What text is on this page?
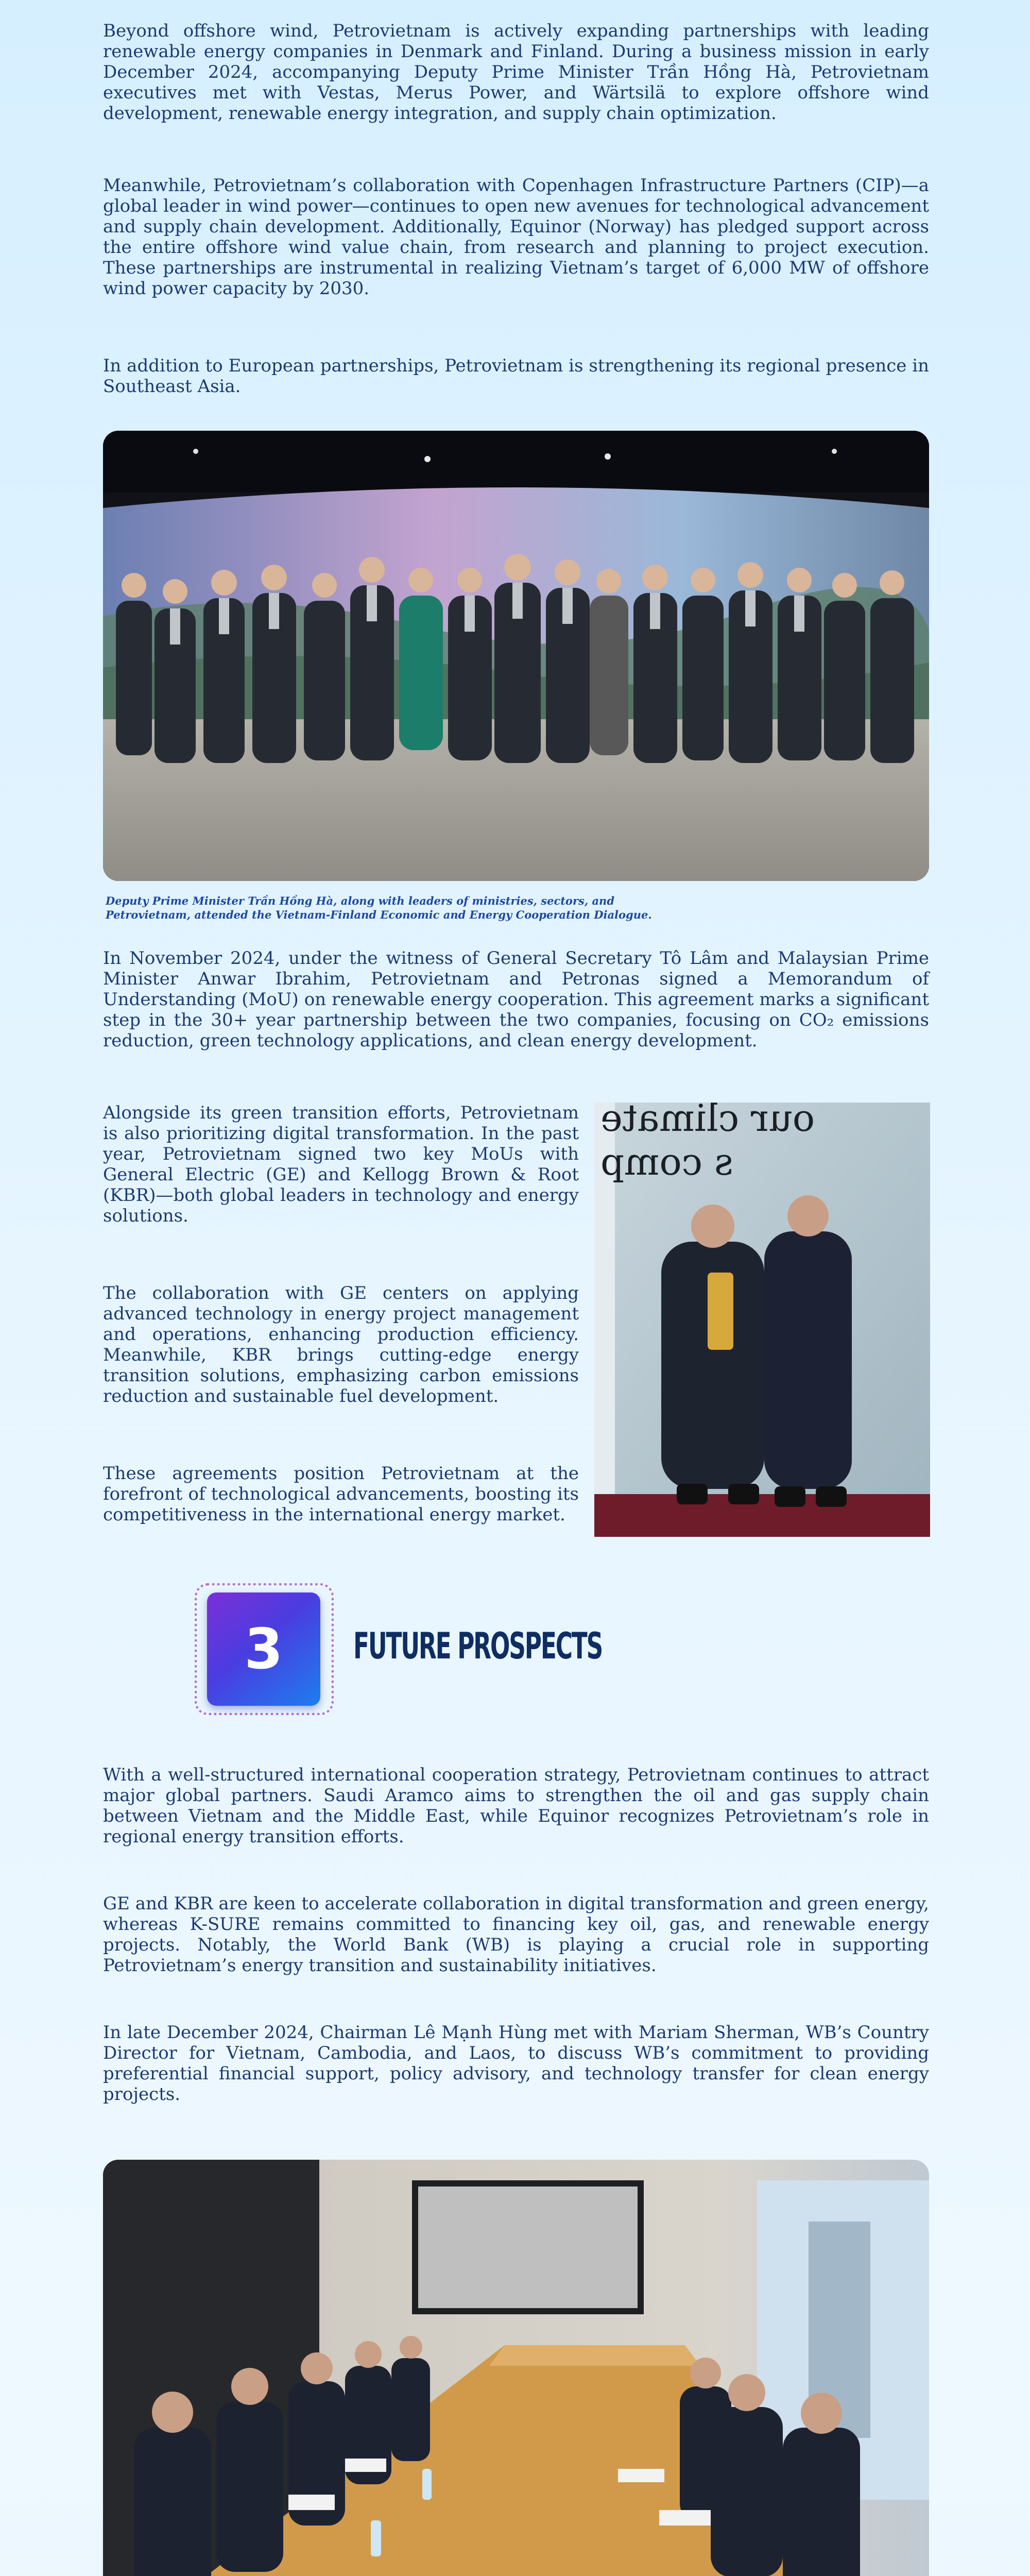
Beyond offshore wind, Petrovietnam is actively expanding partnerships with leading renewable energy companies in Denmark and Finland. During a business mission in early December 2024, accompanying Deputy Prime Minister Trần Hồng Hà, Petrovietnam executives met with Vestas, Merus Power, and Wärtsilä to explore offshore wind development, renewable energy integration, and supply chain optimization.

Meanwhile, Petrovietnam’s collaboration with Copenhagen Infrastructure Partners (CIP)—a global leader in wind power—continues to open new avenues for technological advancement and supply chain development. Additionally, Equinor (Norway) has pledged support across the entire offshore wind value chain, from research and planning to project execution. These partnerships are instrumental in realizing Vietnam’s target of 6,000 MW of offshore wind power capacity by 2030.

In addition to European partnerships, Petrovietnam is strengthening its regional presence in Southeast Asia.

Deputy Prime Minister Trần Hồng Hà, along with leaders of ministries, sectors, and Petrovietnam, attended the Vietnam-Finland Economic and Energy Cooperation Dialogue.

In November 2024, under the witness of General Secretary Tô Lâm and Malaysian Prime Minister Anwar Ibrahim, Petrovietnam and Petronas signed a Memorandum of Understanding (MoU) on renewable energy cooperation. This agreement marks a significant step in the 30+ year partnership between the two companies, focusing on CO₂ emissions reduction, green technology applications, and clean energy development.

Alongside its green transition efforts, Petrovietnam is also prioritizing digital transformation. In the past year, Petrovietnam signed two key MoUs with General Electric (GE) and Kellogg Brown & Root (KBR)—both global leaders in technology and energy solutions.

The collaboration with GE centers on applying advanced technology in energy project management and operations, enhancing production efficiency. Meanwhile, KBR brings cutting-edge energy transition solutions, emphasizing carbon emissions reduction and sustainable fuel development.

These agreements position Petrovietnam at the forefront of technological advancements, boosting its competitiveness in the international energy market.

our climate
s comp
3 FUTURE PROSPECTS

With a well-structured international cooperation strategy, Petrovietnam continues to attract major global partners. Saudi Aramco aims to strengthen the oil and gas supply chain between Vietnam and the Middle East, while Equinor recognizes Petrovietnam’s role in regional energy transition efforts.

GE and KBR are keen to accelerate collaboration in digital transformation and green energy, whereas K-SURE remains committed to financing key oil, gas, and renewable energy projects. Notably, the World Bank (WB) is playing a crucial role in supporting Petrovietnam’s energy transition and sustainability initiatives.

In late December 2024, Chairman Lê Mạnh Hùng met with Mariam Sherman, WB’s Country Director for Vietnam, Cambodia, and Laos, to discuss WB’s commitment to providing preferential financial support, policy advisory, and technology transfer for clean energy projects.
